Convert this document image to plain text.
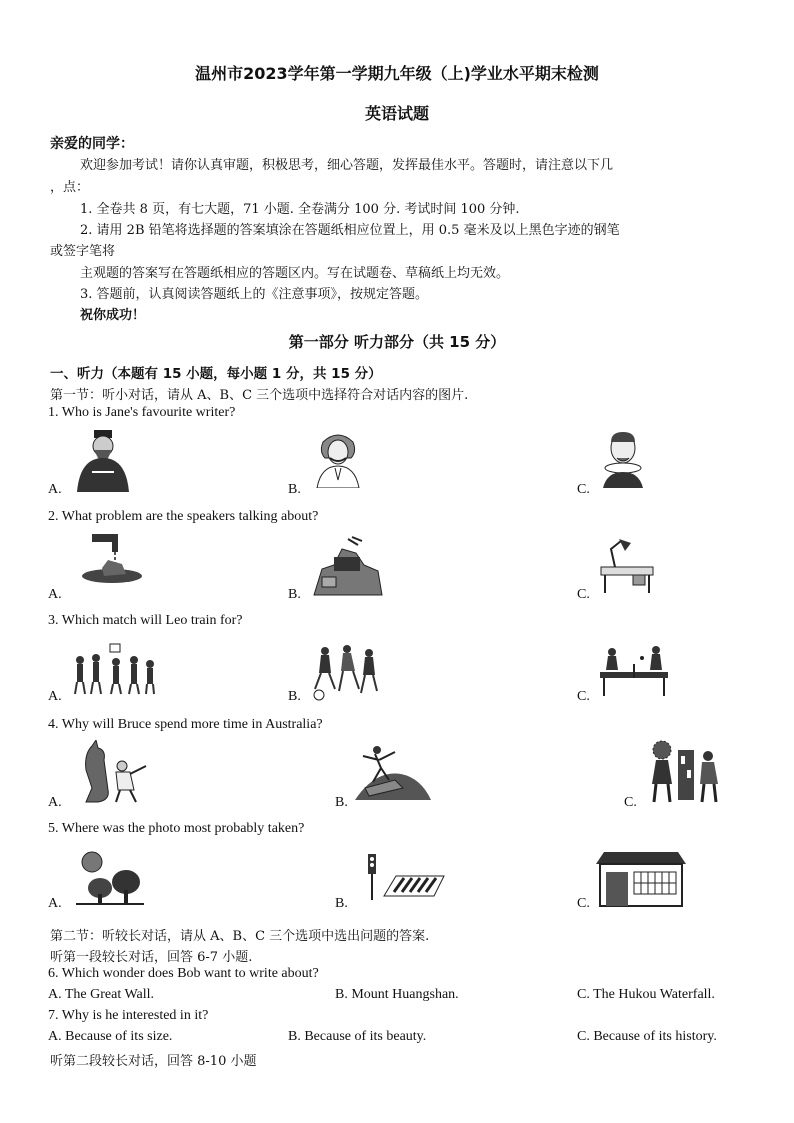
温州市2023学年第一学期九年级（上)学业水平期末检测
英语试题
亲爱的同学：
欢迎参加考试！请你认真审题，积极思考，细心答题，发挥最佳水平。答题时，请注意以下几
，点：
1. 全卷共 8 页，有七大题，71 小题. 全卷满分 100 分. 考试时间 100 分钟.
2. 请用 2B 铅笔将选择题的答案填涂在答题纸相应位置上，用 0.5 毫米及以上黑色字迹的钢笔
或签字笔将
主观题的答案写在答题纸相应的答题区内。写在试题卷、草稿纸上均无效。
3. 答题前，认真阅读答题纸上的《注意事项》，按规定答题。
祝你成功！
第一部分 听力部分（共 15 分）
一、听力（本题有 15 小题，每小题 1 分，共 15 分）
第一节：听小对话，请从 A、B、C 三个选项中选择符合对话内容的图片.
1. Who is Jane's favourite writer?
A.	B.	C.
2. What problem are the speakers talking about?
A.	B.	C.
3. Which match will Leo train for?
A.	B.	C.
4. Why will Bruce spend more time in Australia?
A.	B.	C.
5. Where was the photo most probably taken?
A.	B.	C.
第二节：听较长对话，请从 A、B、C 三个选项中选出问题的答案.
听第一段较长对话，回答 6-7 小题.
6. Which wonder does Bob want to write about?
A. The Great Wall.	B. Mount Huangshan.	C. The Hukou Waterfall.
7. Why is he interested in it?
A. Because of its size.	B. Because of its beauty.	C. Because of its history.
听第二段较长对话，回答 8-10 小题
